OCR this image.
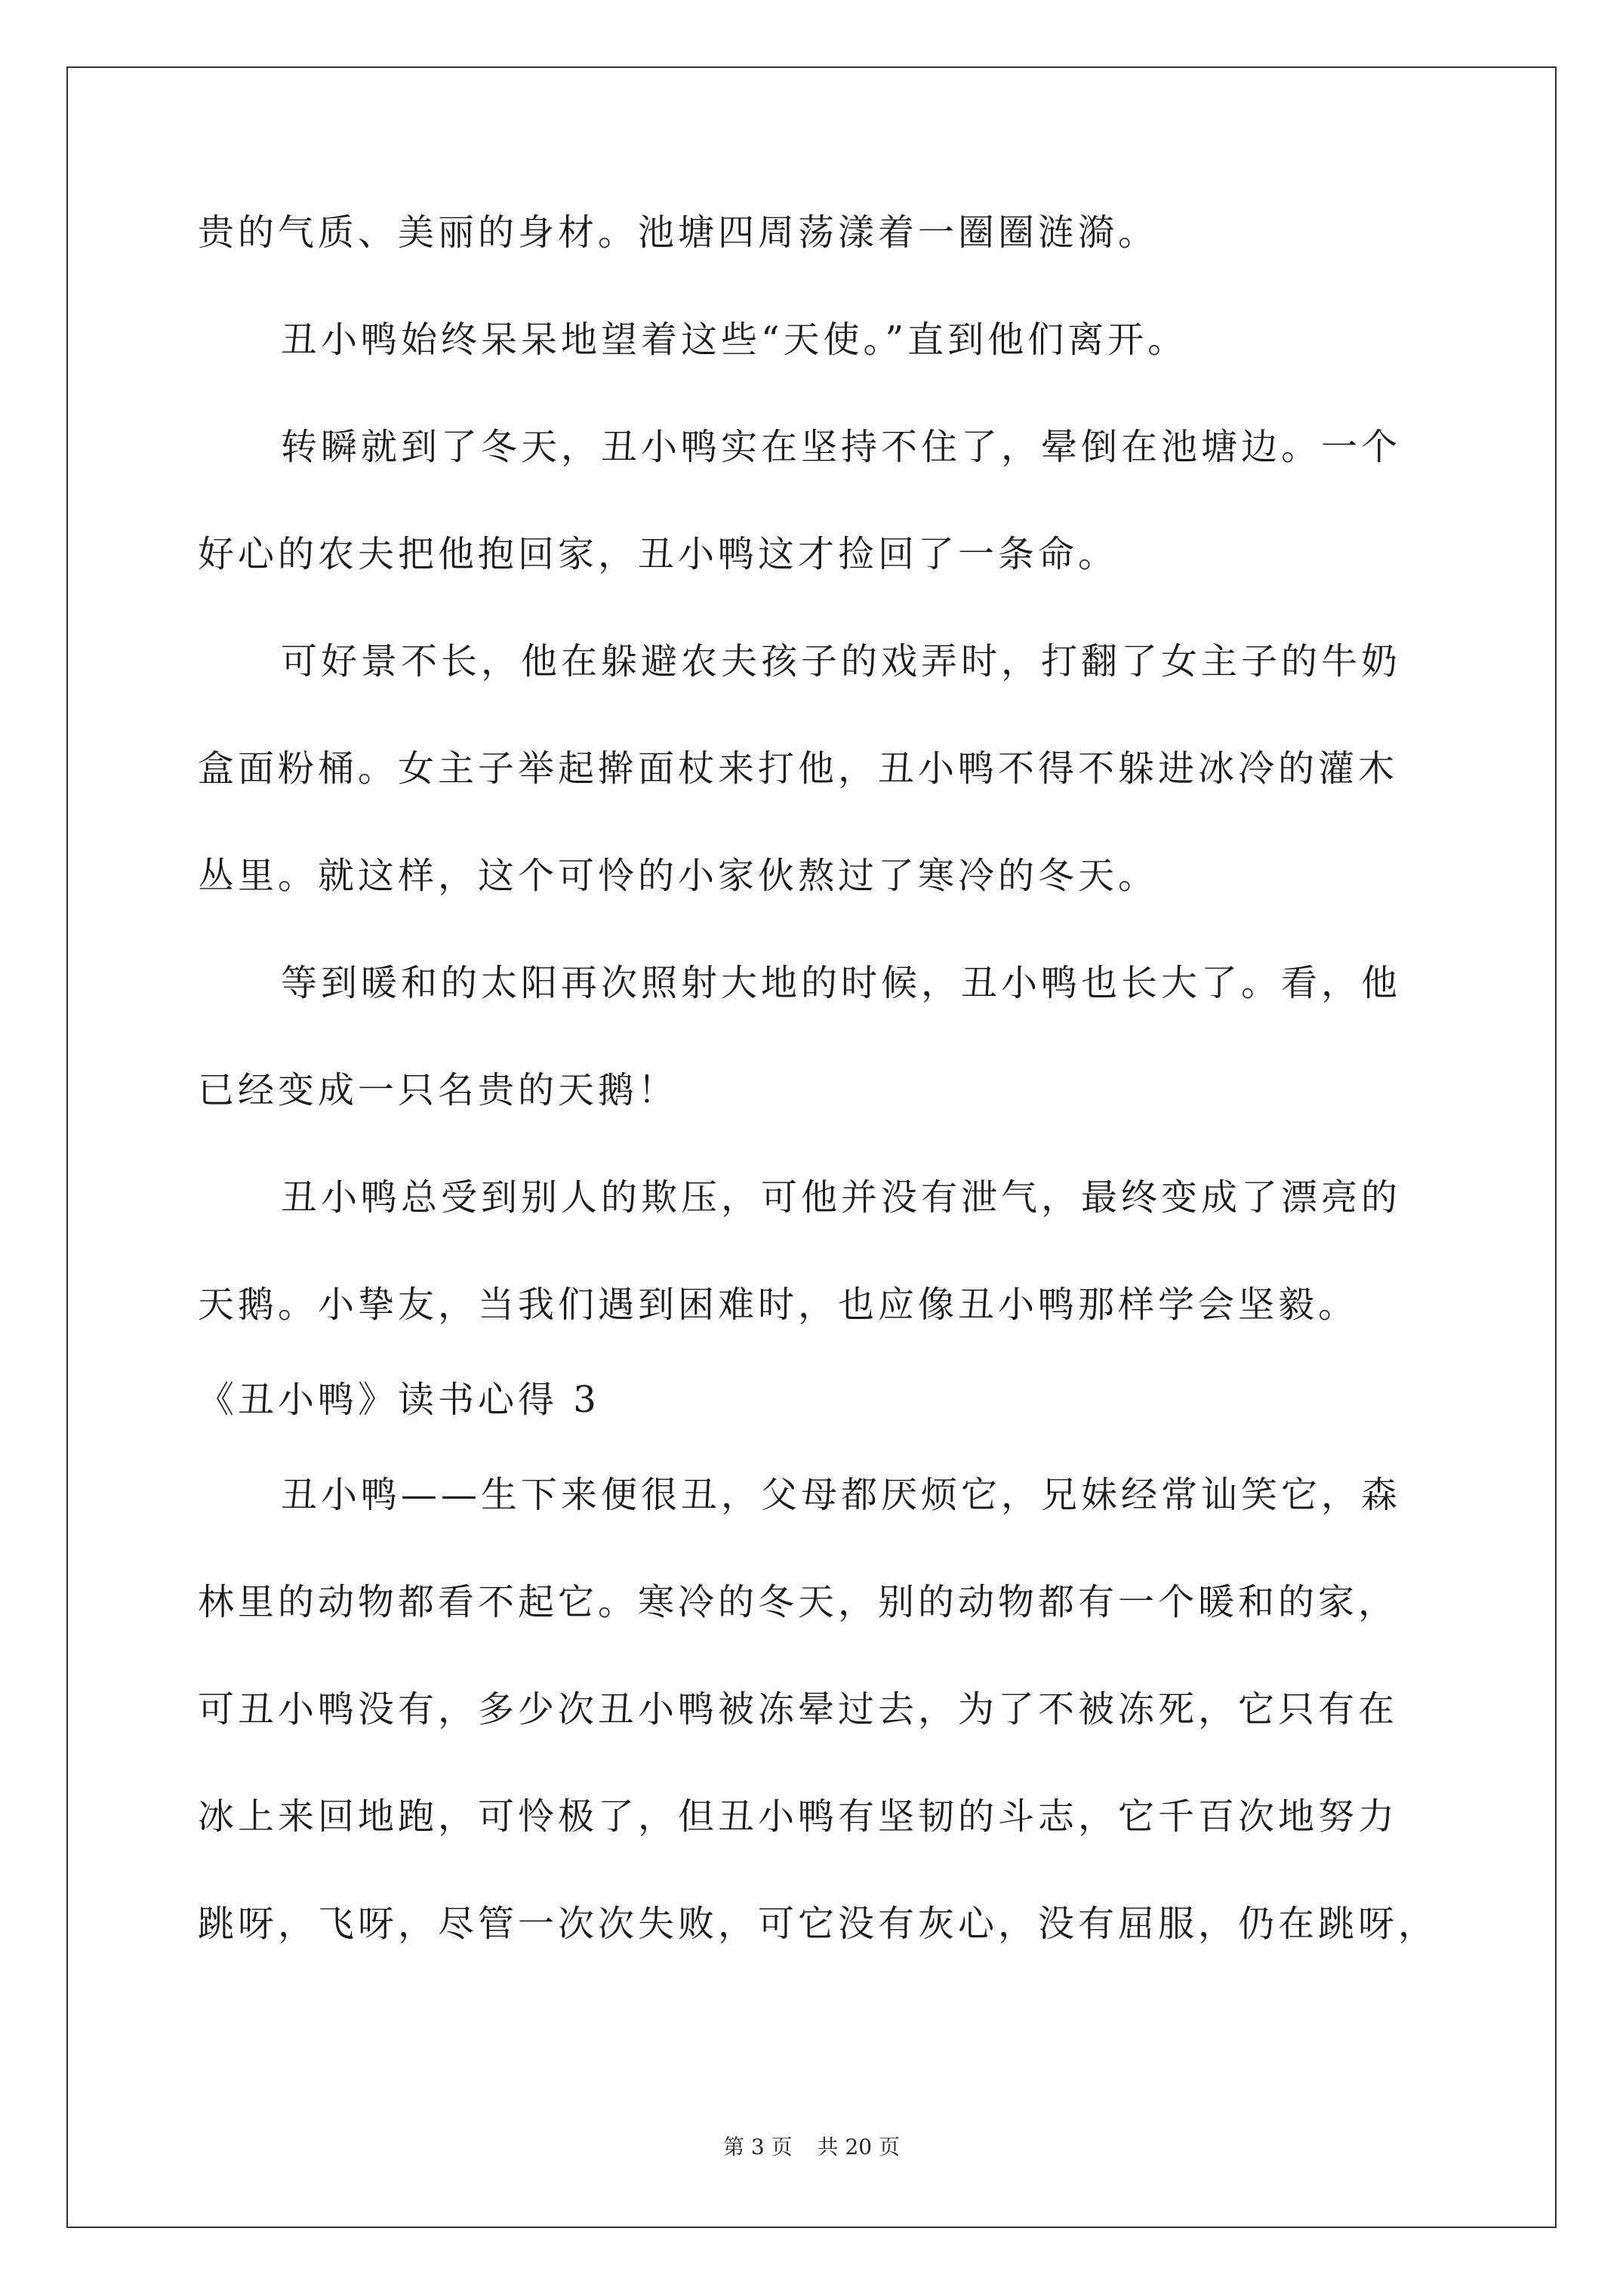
贵的气质、美丽的身材。池塘四周荡漾着一圈圈涟漪。
丑小鸭始终呆呆地望着这些“天使。”直到他们离开。
转瞬就到了冬天，丑小鸭实在坚持不住了，晕倒在池塘边。一个
好心的农夫把他抱回家，丑小鸭这才捡回了一条命。
可好景不长，他在躲避农夫孩子的戏弄时，打翻了女主子的牛奶
盒面粉桶。女主子举起擀面杖来打他，丑小鸭不得不躲进冰冷的灌木
丛里。就这样，这个可怜的小家伙熬过了寒冷的冬天。
等到暖和的太阳再次照射大地的时候，丑小鸭也长大了。看，他
已经变成一只名贵的天鹅！
丑小鸭总受到别人的欺压，可他并没有泄气，最终变成了漂亮的
天鹅。小挚友，当我们遇到困难时，也应像丑小鸭那样学会坚毅。
《丑小鸭》读书心得 3
丑小鸭——生下来便很丑，父母都厌烦它，兄妹经常讪笑它，森
林里的动物都看不起它。寒冷的冬天，别的动物都有一个暖和的家，
可丑小鸭没有，多少次丑小鸭被冻晕过去，为了不被冻死，它只有在
冰上来回地跑，可怜极了，但丑小鸭有坚韧的斗志，它千百次地努力
跳呀，飞呀，尽管一次次失败，可它没有灰心，没有屈服，仍在跳呀，
第 3 页 共 20 页
